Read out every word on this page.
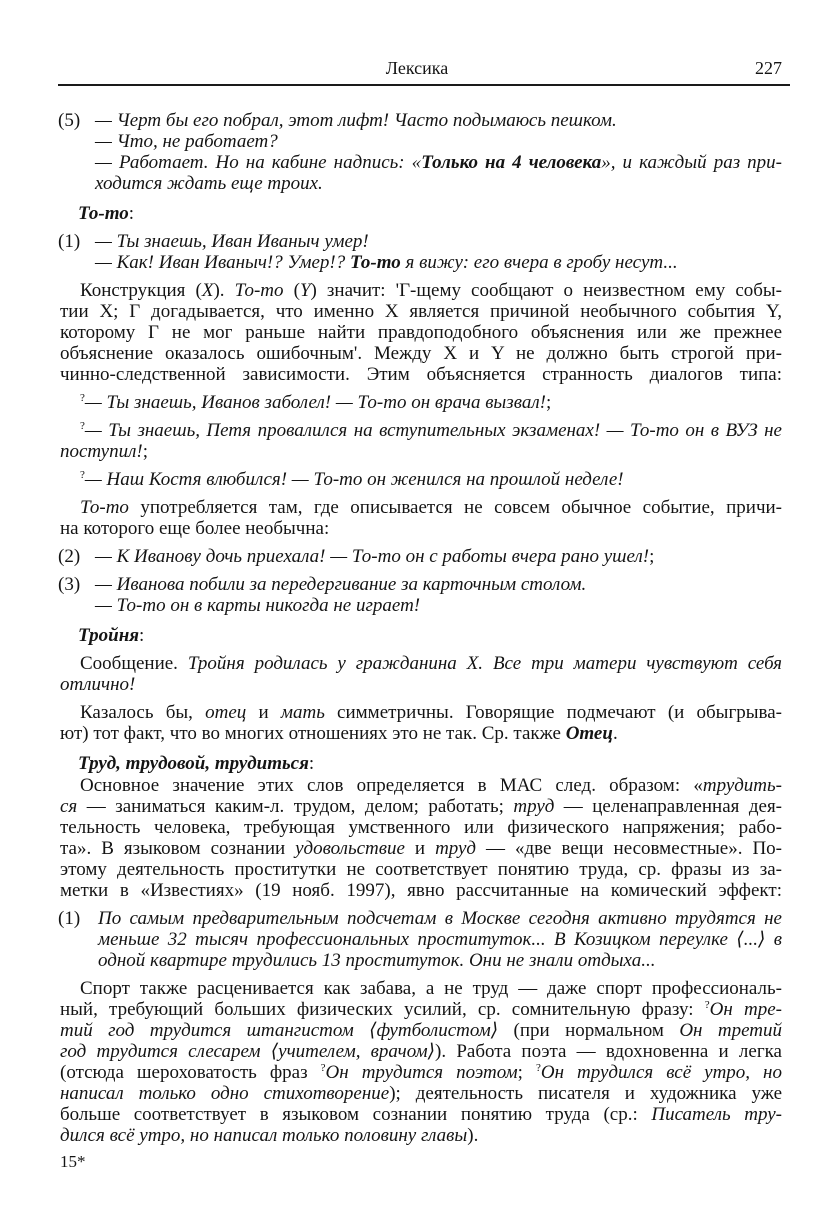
Лексика	227
(5) — Черт бы его побрал, этот лифт! Часто подымаюсь пешком.
— Что, не работает?
— Работает. Но на кабине надпись: «Только на 4 человека», и каждый раз при-
ходится ждать еще троих.
То-то:
(1) — Ты знаешь, Иван Иваныч умер!
— Как! Иван Иваныч!? Умер!? То-то я вижу: его вчера в гробу несут...
Конструкция (X). То-то (Y) значит: 'Г-щему сообщают о неизвестном ему собы-
тии X; Г догадывается, что именно X является причиной необычного события Y,
которому Г не мог раньше найти правдоподобного объяснения или же прежнее
объяснение оказалось ошибочным'. Между X и Y не должно быть строгой при-
чинно-следственной зависимости. Этим объясняется странность диалогов типа:
?— Ты знаешь, Иванов заболел! — То-то он врача вызвал!;
?— Ты знаешь, Петя провалился на вступительных экзаменах! — То-то он в ВУЗ не
поступил!;
?— Наш Костя влюбился! — То-то он женился на прошлой неделе!
То-то употребляется там, где описывается не совсем обычное событие, причи-
на которого еще более необычна:
(2) — К Иванову дочь приехала! — То-то он с работы вчера рано ушел!;
(3) — Иванова побили за передергивание за карточным столом.
— То-то он в карты никогда не играет!
Тройня:
Сообщение. Тройня родилась у гражданина X. Все три матери чувствуют себя
отлично!
Казалось бы, отец и мать симметричны. Говорящие подмечают (и обыгрыва-
ют) тот факт, что во многих отношениях это не так. Ср. также Отец.
Труд, трудовой, трудиться:
Основное значение этих слов определяется в МАС след. образом: «трудить-
ся — заниматься каким-л. трудом, делом; работать; труд — целенаправленная дея-
тельность человека, требующая умственного или физического напряжения; рабо-
та». В языковом сознании удовольствие и труд — «две вещи несовместные». По-
этому деятельность проститутки не соответствует понятию труда, ср. фразы из за-
метки в «Известиях» (19 нояб. 1997), явно рассчитанные на комический эффект:
(1) По самым предварительным подсчетам в Москве сегодня активно трудятся не
меньше 32 тысяч профессиональных проституток... В Козицком переулке ⟨...⟩ в
одной квартире трудились 13 проституток. Они не знали отдыха...
Спорт также расценивается как забава, а не труд — даже спорт профессиональ-
ный, требующий больших физических усилий, ср. сомнительную фразу: ?Он тре-
тий год трудится штангистом ⟨футболистом⟩ (при нормальном Он третий
год трудится слесарем ⟨учителем, врачом⟩). Работа поэта — вдохновенна и легка
(отсюда шероховатость фраз ?Он трудится поэтом; ?Он трудился всё утро, но
написал только одно стихотворение); деятельность писателя и художника уже
больше соответствует в языковом сознании понятию труда (ср.: Писатель тру-
дился всё утро, но написал только половину главы).
15*
